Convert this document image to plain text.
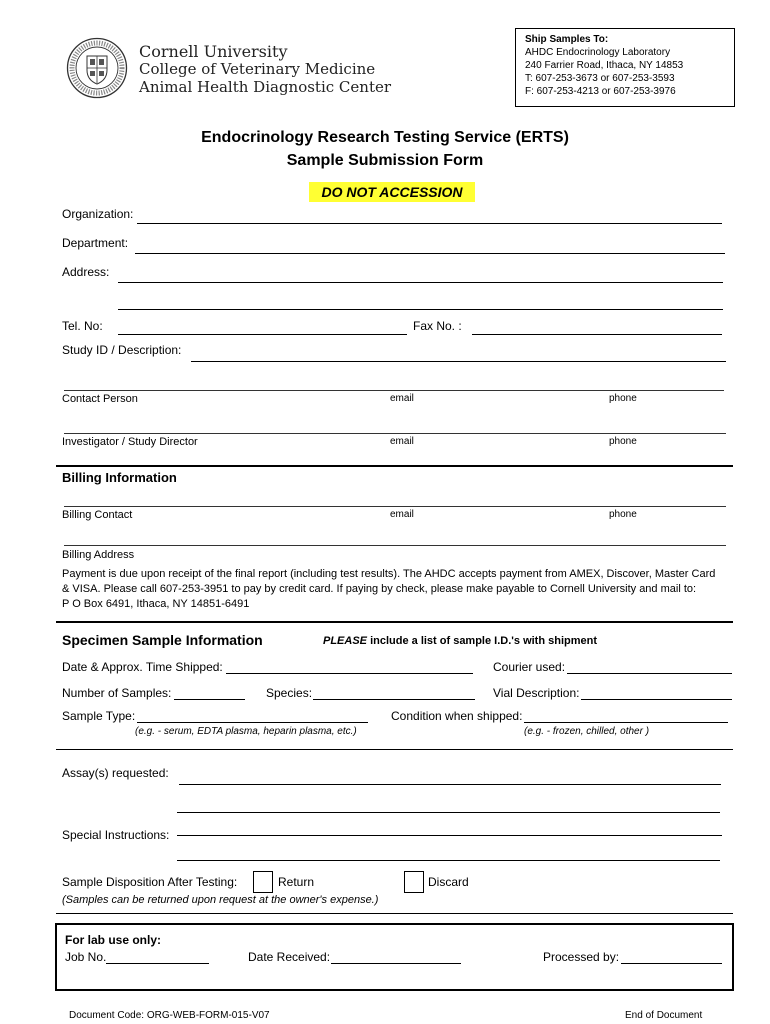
Cornell University
College of Veterinary Medicine
Animal Health Diagnostic Center
Ship Samples To:
AHDC Endocrinology Laboratory
240 Farrier Road, Ithaca, NY 14853
T: 607-253-3673 or 607-253-3593
F: 607-253-4213 or 607-253-3976
Endocrinology Research Testing Service (ERTS)
Sample Submission Form
DO NOT ACCESSION
Organization:
Department:
Address:
Tel. No:	Fax No. :
Study ID / Description:
Contact Person	email	phone
Investigator / Study Director	email	phone
Billing Information
Billing Contact	email	phone
Billing Address
Payment is due upon receipt of the final report (including test results). The AHDC accepts payment from AMEX, Discover, Master Card
& VISA. Please call 607-253-3951 to pay by credit card. If paying by check, please make payable to Cornell University and mail to:
P O Box 6491, Ithaca, NY 14851-6491
Specimen Sample Information	PLEASE include a list of sample I.D.'s with shipment
Date & Approx. Time Shipped:	Courier used:
Number of Samples:	Species:	Vial Description:
Sample Type:	Condition when shipped:
(e.g. - serum, EDTA plasma, heparin plasma, etc.)	(e.g. - frozen, chilled, other )
Assay(s) requested:
Special Instructions:
Sample Disposition After Testing:	Return	Discard
(Samples can be returned upon request at the owner's expense.)
For lab use only:
Job No.	Date Received:	Processed by:
Document Code: ORG-WEB-FORM-015-V07	End of Document
